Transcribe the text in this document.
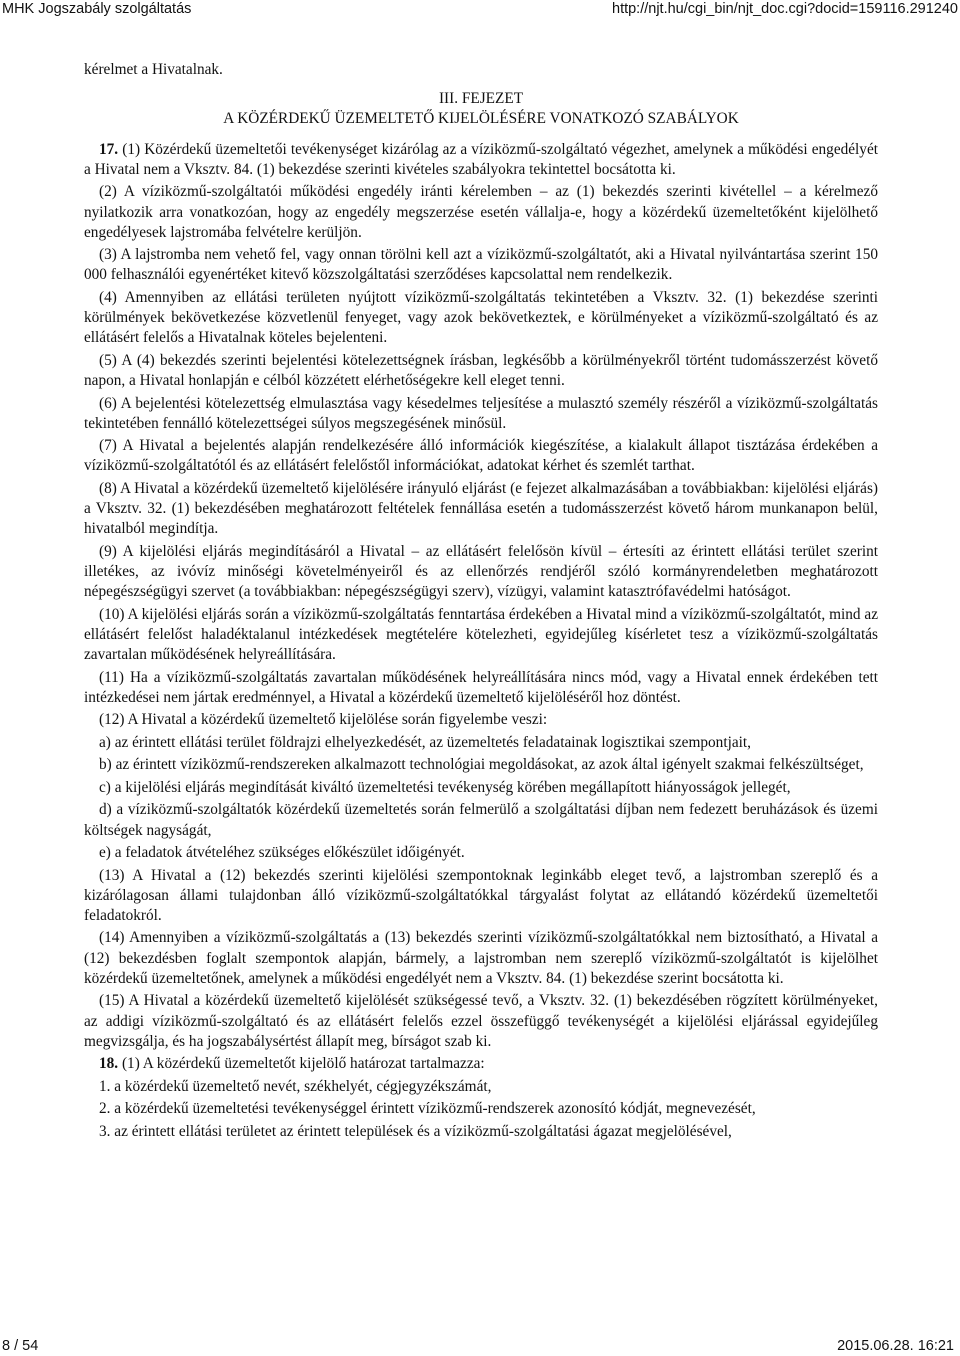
MHK Jogszabály szolgáltatás	http://njt.hu/cgi_bin/njt_doc.cgi?docid=159116.291240

kérelmet a Hivatalnak.

III. FEJEZET

A KÖZÉRDEKŰ ÜZEMELTETŐ KIJELÖLÉSÉRE VONATKOZÓ SZABÁLYOK

17. (1) Közérdekű üzemeltetői tevékenységet kizárólag az a víziközmű-szolgáltató végezhet, amelynek a működési engedélyét a Hivatal nem a Vksztv. 84. (1) bekezdése szerinti kivételes szabályokra tekintettel bocsátotta ki.

(2) A víziközmű-szolgáltatói működési engedély iránti kérelemben – az (1) bekezdés szerinti kivétellel – a kérelmező nyilatkozik arra vonatkozóan, hogy az engedély megszerzése esetén vállalja-e, hogy a közérdekű üzemeltetőként kijelölhető engedélyesek lajstromába felvételre kerüljön.

(3) A lajstromba nem vehető fel, vagy onnan törölni kell azt a víziközmű-szolgáltatót, aki a Hivatal nyilvántartása szerint 150 000 felhasználói egyenértéket kitevő közszolgáltatási szerződéses kapcsolattal nem rendelkezik.

(4) Amennyiben az ellátási területen nyújtott víziközmű-szolgáltatás tekintetében a Vksztv. 32. (1) bekezdése szerinti körülmények bekövetkezése közvetlenül fenyeget, vagy azok bekövetkeztek, e körülményeket a víziközmű-szolgáltató és az ellátásért felelős a Hivatalnak köteles bejelenteni.

(5) A (4) bekezdés szerinti bejelentési kötelezettségnek írásban, legkésőbb a körülményekről történt tudomásszerzést követő napon, a Hivatal honlapján e célból közzétett elérhetőségekre kell eleget tenni.

(6) A bejelentési kötelezettség elmulasztása vagy késedelmes teljesítése a mulasztó személy részéről a víziközmű-szolgáltatás tekintetében fennálló kötelezettségei súlyos megszegésének minősül.

(7) A Hivatal a bejelentés alapján rendelkezésére álló információk kiegészítése, a kialakult állapot tisztázása érdekében a víziközmű-szolgáltatótól és az ellátásért felelőstől információkat, adatokat kérhet és szemlét tarthat.

(8) A Hivatal a közérdekű üzemeltető kijelölésére irányuló eljárást (e fejezet alkalmazásában a továbbiakban: kijelölési eljárás) a Vksztv. 32. (1) bekezdésében meghatározott feltételek fennállása esetén a tudomásszerzést követő három munkanapon belül, hivatalból megindítja.

(9) A kijelölési eljárás megindításáról a Hivatal – az ellátásért felelősön kívül – értesíti az érintett ellátási terület szerint illetékes, az ivóvíz minőségi követelményeiről és az ellenőrzés rendjéről szóló kormányrendeletben meghatározott népegészségügyi szervet (a továbbiakban: népegészségügyi szerv), vízügyi, valamint katasztrófavédelmi hatóságot.

(10) A kijelölési eljárás során a víziközmű-szolgáltatás fenntartása érdekében a Hivatal mind a víziközmű-szolgáltatót, mind az ellátásért felelőst haladéktalanul intézkedések megtételére kötelezheti, egyidejűleg kísérletet tesz a víziközmű-szolgáltatás zavartalan működésének helyreállítására.

(11) Ha a víziközmű-szolgáltatás zavartalan működésének helyreállítására nincs mód, vagy a Hivatal ennek érdekében tett intézkedései nem jártak eredménnyel, a Hivatal a közérdekű üzemeltető kijelöléséről hoz döntést.

(12) A Hivatal a közérdekű üzemeltető kijelölése során figyelembe veszi:

a) az érintett ellátási terület földrajzi elhelyezkedését, az üzemeltetés feladatainak logisztikai szempontjait,

b) az érintett víziközmű-rendszereken alkalmazott technológiai megoldásokat, az azok által igényelt szakmai felkészültséget,

c) a kijelölési eljárás megindítását kiváltó üzemeltetési tevékenység körében megállapított hiányosságok jellegét,

d) a víziközmű-szolgáltatók közérdekű üzemeltetés során felmerülő a szolgáltatási díjban nem fedezett beruházások és üzemi költségek nagyságát,

e) a feladatok átvételéhez szükséges előkészület időigényét.

(13) A Hivatal a (12) bekezdés szerinti kijelölési szempontoknak leginkább eleget tevő, a lajstromban szereplő és a kizárólagosan állami tulajdonban álló víziközmű-szolgáltatókkal tárgyalást folytat az ellátandó közérdekű üzemeltetői feladatokról.

(14) Amennyiben a víziközmű-szolgáltatás a (13) bekezdés szerinti víziközmű-szolgáltatókkal nem biztosítható, a Hivatal a (12) bekezdésben foglalt szempontok alapján, bármely, a lajstromban nem szereplő víziközmű-szolgáltatót is kijelölhet közérdekű üzemeltetőnek, amelynek a működési engedélyét nem a Vksztv. 84. (1) bekezdése szerint bocsátotta ki.

(15) A Hivatal a közérdekű üzemeltető kijelölését szükségessé tevő, a Vksztv. 32. (1) bekezdésében rögzített körülményeket, az addigi víziközmű-szolgáltató és az ellátásért felelős ezzel összefüggő tevékenységét a kijelölési eljárással egyidejűleg megvizsgálja, és ha jogszabálysértést állapít meg, bírságot szab ki.

18. (1) A közérdekű üzemeltetőt kijelölő határozat tartalmazza:

1. a közérdekű üzemeltető nevét, székhelyét, cégjegyzékszámát,

2. a közérdekű üzemeltetési tevékenységgel érintett víziközmű-rendszerek azonosító kódját, megnevezését,

3. az érintett ellátási területet az érintett települések és a víziközmű-szolgáltatási ágazat megjelölésével,

8 / 54	2015.06.28. 16:21
